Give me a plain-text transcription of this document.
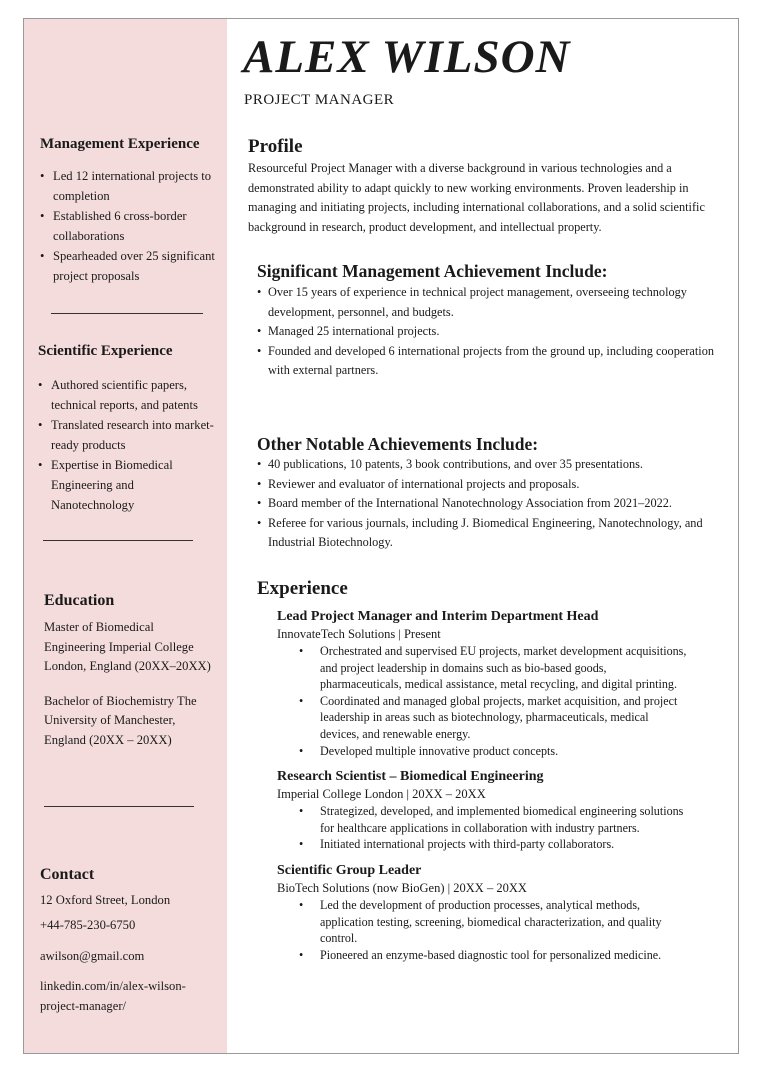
ALEX WILSON
PROJECT MANAGER
Management Experience
• Led 12 international projects to completion
• Established 6 cross-border collaborations
• Spearheaded over 25 significant project proposals
Scientific Experience
• Authored scientific papers, technical reports, and patents
• Translated research into market-ready products
• Expertise in Biomedical Engineering and Nanotechnology
Education

Master of Biomedical Engineering Imperial College London, England (20XX–20XX)

Bachelor of Biochemistry The University of Manchester, England (20XX – 20XX)

Contact

12 Oxford Street, London

+44-785-230-6750

awilson@gmail.com

linkedin.com/in/alex-wilson-project-manager/

Profile

Resourceful Project Manager with a diverse background in various technologies and a demonstrated ability to adapt quickly to new working environments. Proven leadership in managing and initiating projects, including international collaborations, and a solid scientific background in research, product development, and intellectual property.

Significant Management Achievement Include:
• Over 15 years of experience in technical project management, overseeing technology development, personnel, and budgets.
• Managed 25 international projects.
• Founded and developed 6 international projects from the ground up, including cooperation with external partners.
Other Notable Achievements Include:
• 40 publications, 10 patents, 3 book contributions, and over 35 presentations.
• Reviewer and evaluator of international projects and proposals.
• Board member of the International Nanotechnology Association from 2021–2022.
• Referee for various journals, including J. Biomedical Engineering, Nanotechnology, and Industrial Biotechnology.
Experience
Lead Project Manager and Interim Department Head

InnovateTech Solutions | Present

• Orchestrated and supervised EU projects, market development acquisitions, and project leadership in domains such as bio-based goods, pharmaceuticals, medical assistance, metal recycling, and digital printing.
• Coordinated and managed global projects, market acquisition, and project leadership in areas such as biotechnology, pharmaceuticals, medical devices, and renewable energy.
• Developed multiple innovative product concepts.
Research Scientist – Biomedical Engineering

Imperial College London | 20XX – 20XX

• Strategized, developed, and implemented biomedical engineering solutions for healthcare applications in collaboration with industry partners.
• Initiated international projects with third-party collaborators.
Scientific Group Leader

BioTech Solutions (now BioGen) | 20XX – 20XX

• Led the development of production processes, analytical methods, application testing, screening, biomedical characterization, and quality control.
• Pioneered an enzyme-based diagnostic tool for personalized medicine.
